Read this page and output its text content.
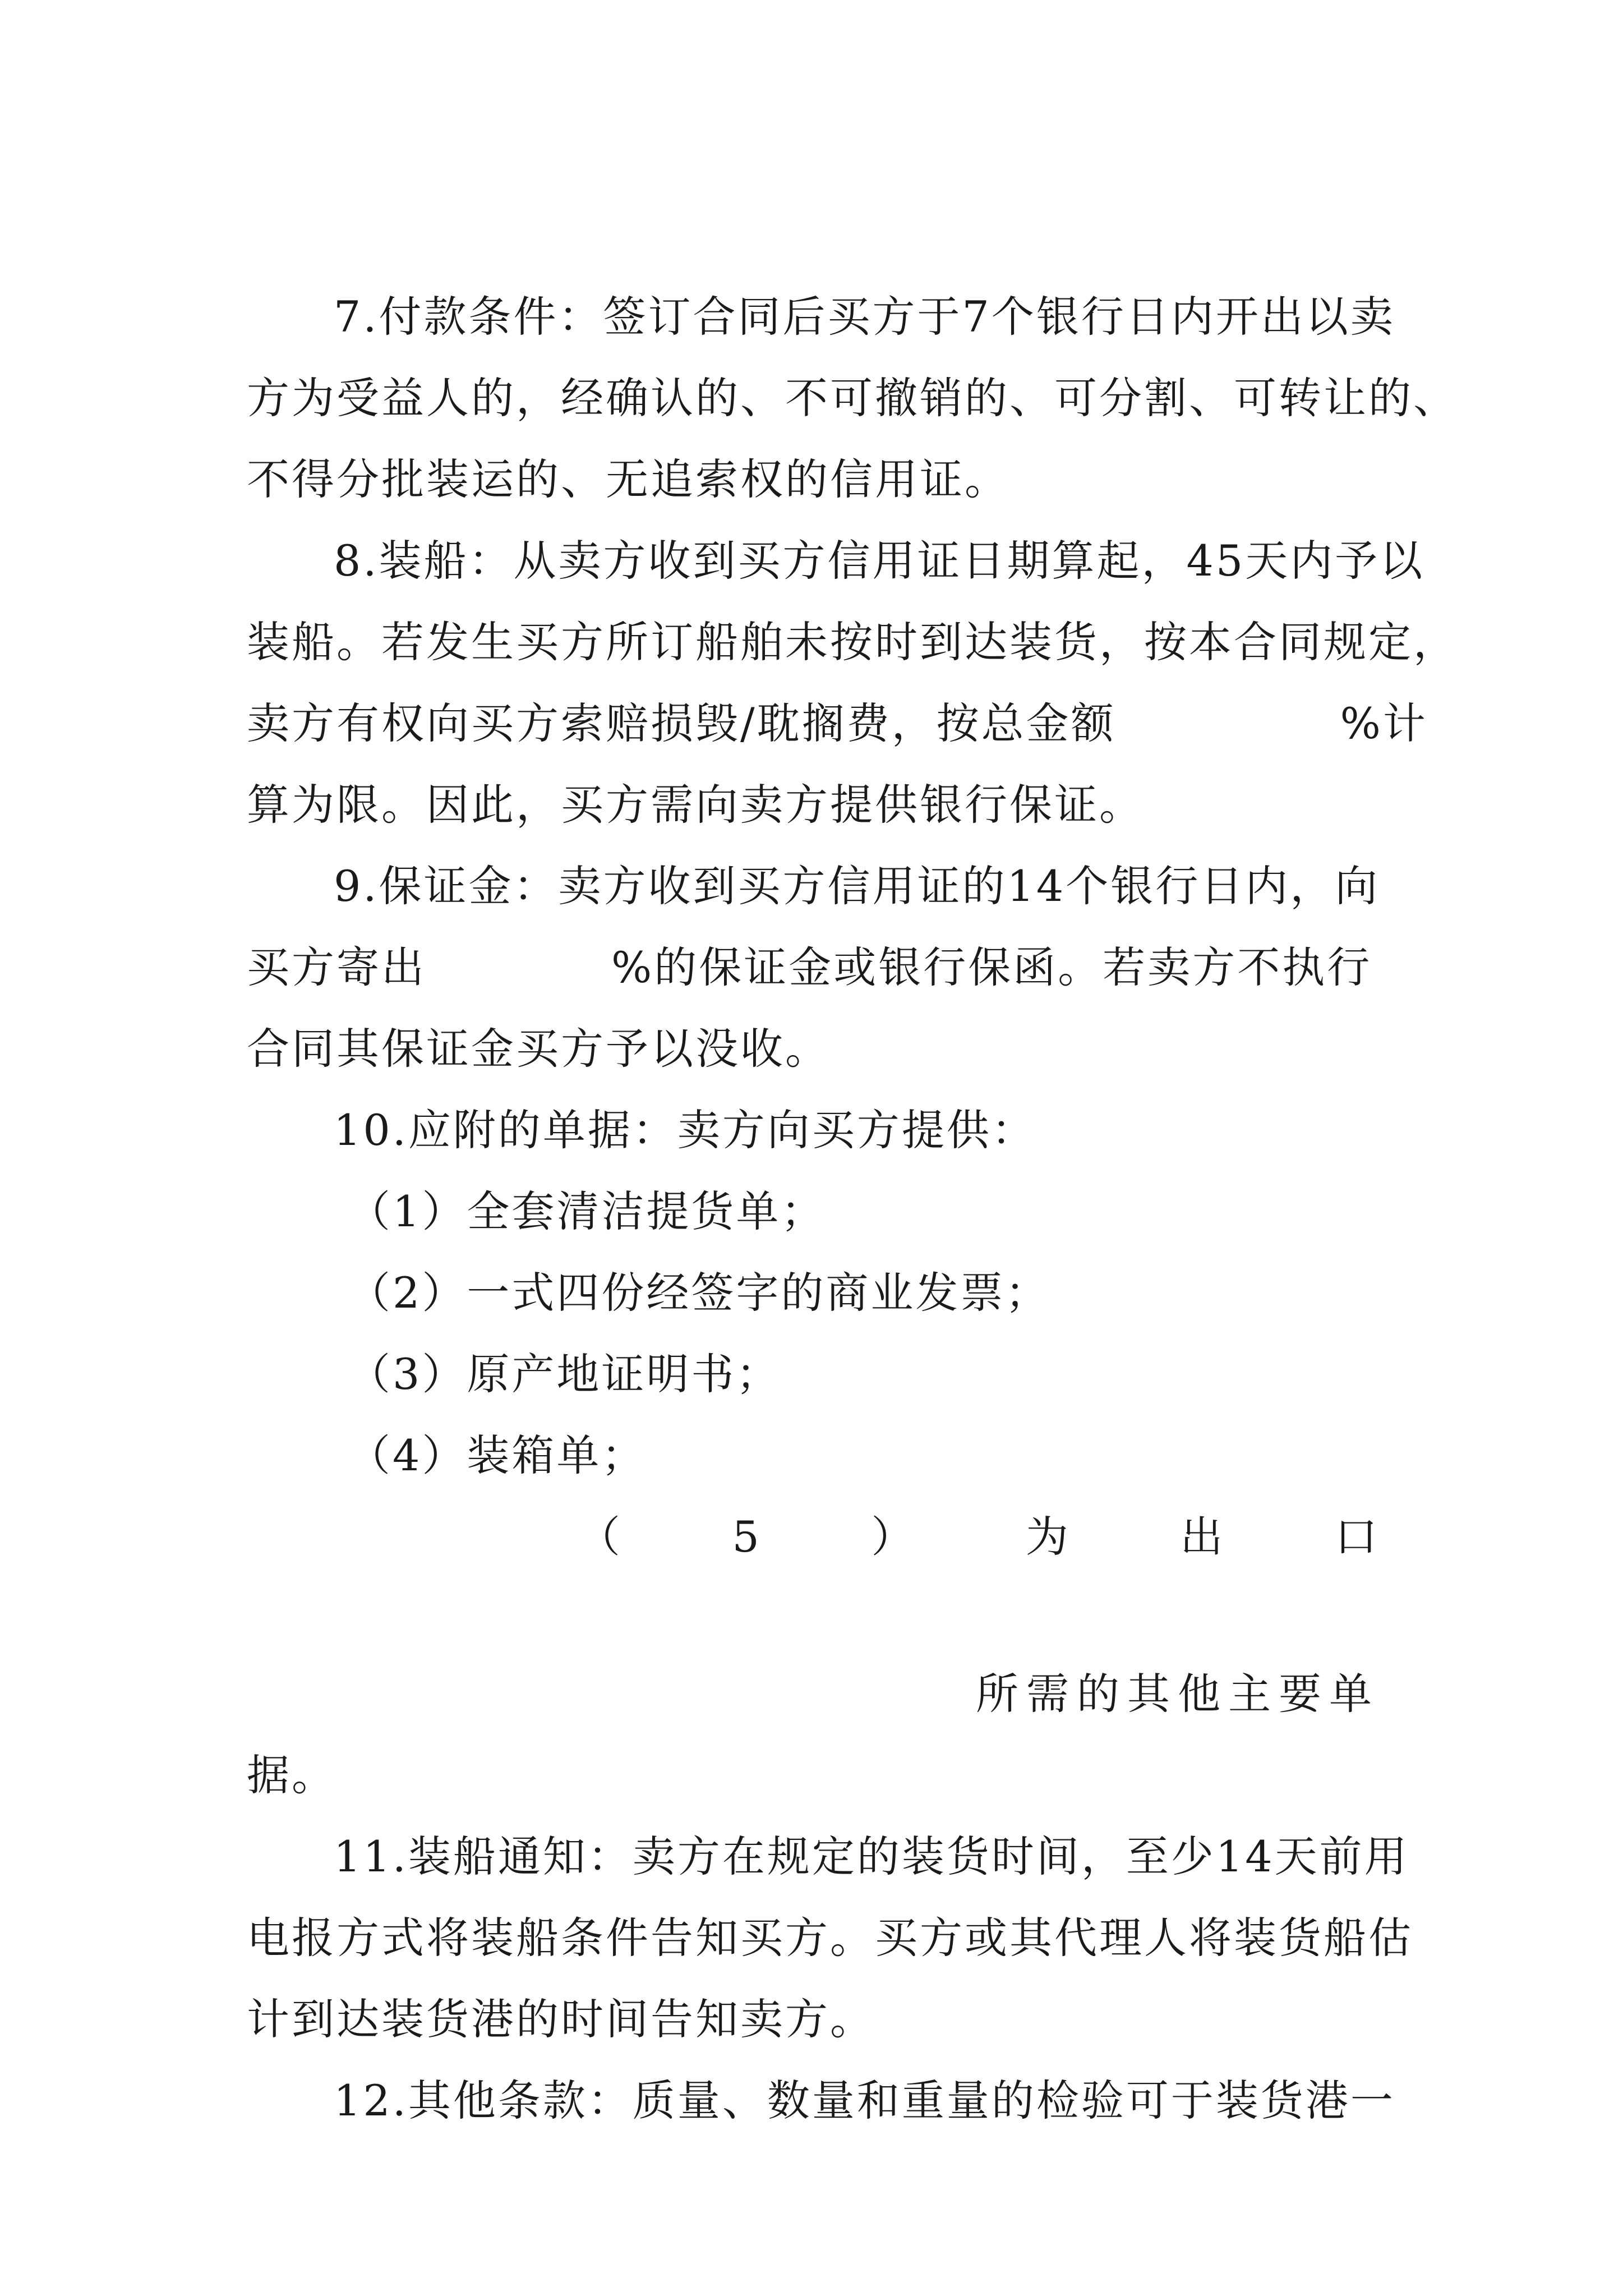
7.付款条件：签订合同后买方于7个银行日内开出以卖
方为受益人的，经确认的、不可撤销的、可分割、可转让的、
不得分批装运的、无追索权的信用证。
8.装船：从卖方收到买方信用证日期算起，45天内予以
装船。若发生买方所订船舶未按时到达装货，按本合同规定，
卖方有权向买方索赔损毁/耽搁费，按总金额	%计
算为限。因此，买方需向卖方提供银行保证。
9.保证金：卖方收到买方信用证的14个银行日内，向
买方寄出	%的保证金或银行保函。若卖方不执行
合同其保证金买方予以没收。
10.应附的单据：卖方向买方提供：
（1）全套清洁提货单；
（2）一式四份经签字的商业发票；
（3）原产地证明书；
（4）装箱单；
（	5	）	为	出	口
所需的其他主要单
据。
11.装船通知：卖方在规定的装货时间，至少14天前用
电报方式将装船条件告知买方。买方或其代理人将装货船估
计到达装货港的时间告知卖方。
12.其他条款：质量、数量和重量的检验可于装货港一
